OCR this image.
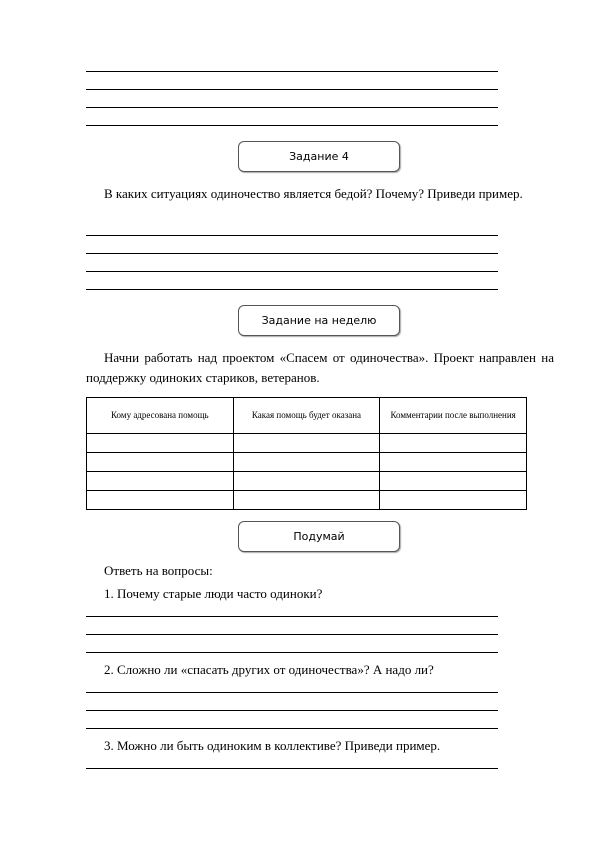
Задание 4
В каких ситуациях одиночество является бедой? Почему? Приведи пример.
Задание на неделю
Начни работать над проектом «Спасем от одиночества». Проект направлен на поддержку одиноких стариков, ветеранов.
Кому адресована помощь	Какая помощь будет оказана	Комментарии после выполнения

Подумай
Ответь на вопросы:
1. Почему старые люди часто одиноки?
2. Сложно ли «спасать других от одиночества»? А надо ли?
3. Можно ли быть одиноким в коллективе? Приведи пример.
